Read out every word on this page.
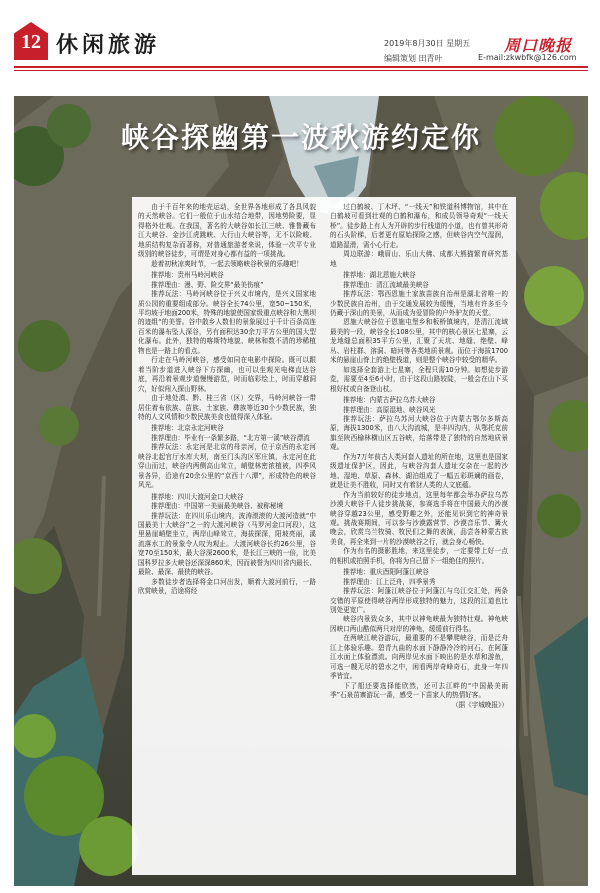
12 休闲旅游	2019年8月30日 星期五 周口晚报
编辑策划 田青叶	E-mail:zkwbfk@126.com
峡谷探幽第一波秋游约定你

由于千百年来的地壳运动，全世界各地形成了各具风貌的天然峡谷。它们一般位于山水结合地带，因地势险要，显得格外壮观。在我国，著名的大峡谷如长江三峡、雅鲁藏布江大峡谷、金沙江虎跳峡、大行山大峡谷等，无不以险峻、地质结构复杂而著称，对普通旅游者来说，体验一次平专业级别的峡谷徒步，可谓是对身心都有益的一项挑战。

趁着初秋凉爽时节，一起去领略峡谷秋景的乐趣吧！

推荐地：贵州马岭河峡谷

推荐理由：漫、野、险交界“最美伤痕”

推荐玩法：马岭河峡谷位于兴义市境内，是兴义国家地质公园的重要组成部分。峡谷全长74公里，宽50~150米，平均坡于地面200米，特殊的地貌使国家级重点峡谷和大黑坝的迹组“的美誉。谷中散乡人数但的景象展过于千计百条高连百米的瀑布坠人深谷，另有面积达30余万平方公里的国大型化瀑布。此外，独特的喀斯特地貌、峡林和数不清的珍稀植物也是一路上的看点。

行走在马岭河峡谷，感受如同在电影中探险。既可以跟着当阶步道进入峡谷下方探幽，也可以坐观光电梯直达谷底，再沿着景观步道慢慢游览，时而临彩绘上，时而穿越洞穴，好似闯入探山野林。

由于地处滇、黔、桂三省（区）交界，马岭河峡谷一带居住着布依族、苗族、土家族、彝族等近30个少数民族，独特的人文风情和少数民族美食也值得深入体验。

推荐地：北京永定河峡谷

推荐理由：毕业有一条繁多路，“北方第一溪”峡谷漂流

推荐玩法：永定河是北京的母亲河，位于京西的永定河峡谷北起官厅水库大坝，南至门头沟区军庄镇，永定河在此穿山而过，峡谷内两侧高山耸立，峭壁林密浓植被，四季风景各异，沿途有20余公里的“京西十八潭”，形成特色的峡谷风光。

推荐地：四川大渡河金口大峡谷

推荐理由：中国第一美丽最美峡谷、被称秘境

推荐玩法：在四川乐山境内，波涛滚滚的大渡河造就“中国最美十大峡谷”之一的大渡河峡谷（马罗河金口河段），这里悬崖峭壁坐立，两岸山峰耸立，海拔探深，阳坡亮丽，溪流落水工的景象令人叹为观止。大渡河峡谷长约26公里，谷宽70至150米，最大谷深2600米，是长江三峡的一倍，比美国科罗拉多大峡谷还深深860米，因而被誉为四川省内最长、最险、最深、最狭的峡谷。

多数徒步者选择将金口河出发，顺着大渡河前行，一路欣赏峡景，沿途将经

过白鹤坡、丁木坪、“一线天”和铁道科博物馆，其中在白鹤坡可看到壮观的白鹤和瀑布，和成员领导奇观“一线天桥”。徒步路上有人为开辟的步行栈道的小道，也有曾其形奇的石头阶梯，后者更有原始探险之感，但峡谷内空气湿润，道路湿滑，需小心行走。

周边联游：峨眉山、乐山大佛、成都大熊猫繁育研究基地

推荐地：湖北恩施大峡谷

推荐理由：清江流域最美峡谷

推荐玩法：鄂西恩施土家族苗族自治州是湖北省唯一的少数民族自治州，由于交通发展较为缓慢，当地有许多至今仍藏于深山的美景，从而成为爱冒险的户外驴友的天堂。

恩施大峡谷位于恩施屯堡乡和板桥镇境内，是清江流域最美的一段，峡谷全长108公里，其中的核心景区七星寨，云龙地缝总面积35平方公里，汇聚了天坑、地缝、绝壁、峰丛、岩柱群、溶洞、暗河等各类地质景观。而位于海拔1700米的悬崖山脊上的绝壁栈道，则是整个峡谷中较受的精华。

如选择全套游上七星寨，全程只需10分钟。如想徒步游览，需要至4至6小时，由于这段山路较陡，一般会在山下买根好杖或自备登山杖。

推荐地：内蒙古萨拉乌苏大峡谷

推荐理由：高原湿地、峡谷风光

推荐玩法：萨拉乌苏河大峡谷位于内蒙古鄂尔多斯高原，海拔1300米，由八大沟流城，是丰四沟内，从鄂托克前旗至陕西榆林横山区五谷峡，给落带是了独特的自然地质景观。

作为7万年前古人类河套人遗址的所在地，这里也是国家级遗址保护区，因此，与峡谷沟套人遗址交杂在一起的沙地、湿地、草原、森林、湖泊组成了一幅五彩斑斓的画卷，就是让美不胜收，同时又有着豺人类的人文底蕴。

作为当前较好的徒步地点，这里每年都会举办萨拉乌苏沙漠大峡谷千人徒步挑战赛，参赛选手将在中国最大的沙漠峡谷穿越23公里，感受野趣之外，还能见识到它的神奇景观。挑战赛期间，可以参与沙漠露营节、沙漠音乐节、篝火晚会，欣赏乌兰牧骑、牧民们之舞的表演，品尝各种蒙古族美食，再全来到一片的沙漠峡谷之行，就会身心畅快。

作为有名的摄影胜地，来这里徒步，一定要带上好一点的相机或拍照手机，你将为自己留下一组绝佳的照片。

推荐地：重庆酉阳阿蓬江峡谷

推荐理由：江上泛舟，四季景秀

推荐玩法：阿蓬江峡谷位于阿蓬江与乌江交汇处，两条交错的平原使得峡谷两岸形成独特的魅力，这段的江道也比别处更宽广。

峡谷内景致众多，其中以神龟峡最为独特壮观。神龟峡因峡口两山酷似两只对岸的神龟，缓缓前行得名。

在两峡江峡谷游玩，最重要的不是攀爬峡谷，而是泛舟江上体验乐趣。碧青九曲的水面下静静冷冷的河石，在阿蓬江水面上体验漂流。向两岸见水面下映出的是水草和游鱼，可选一艘无尽的碧水之中，闲看两岸奇峰奇石，此身一年四季皆宜。

下了船还要选择能欣然，还可去江畔的“中国最美雨季”石泉苗寨游玩一番，感受一下苗家人的热情好客。

（据《宇城晚报》）
